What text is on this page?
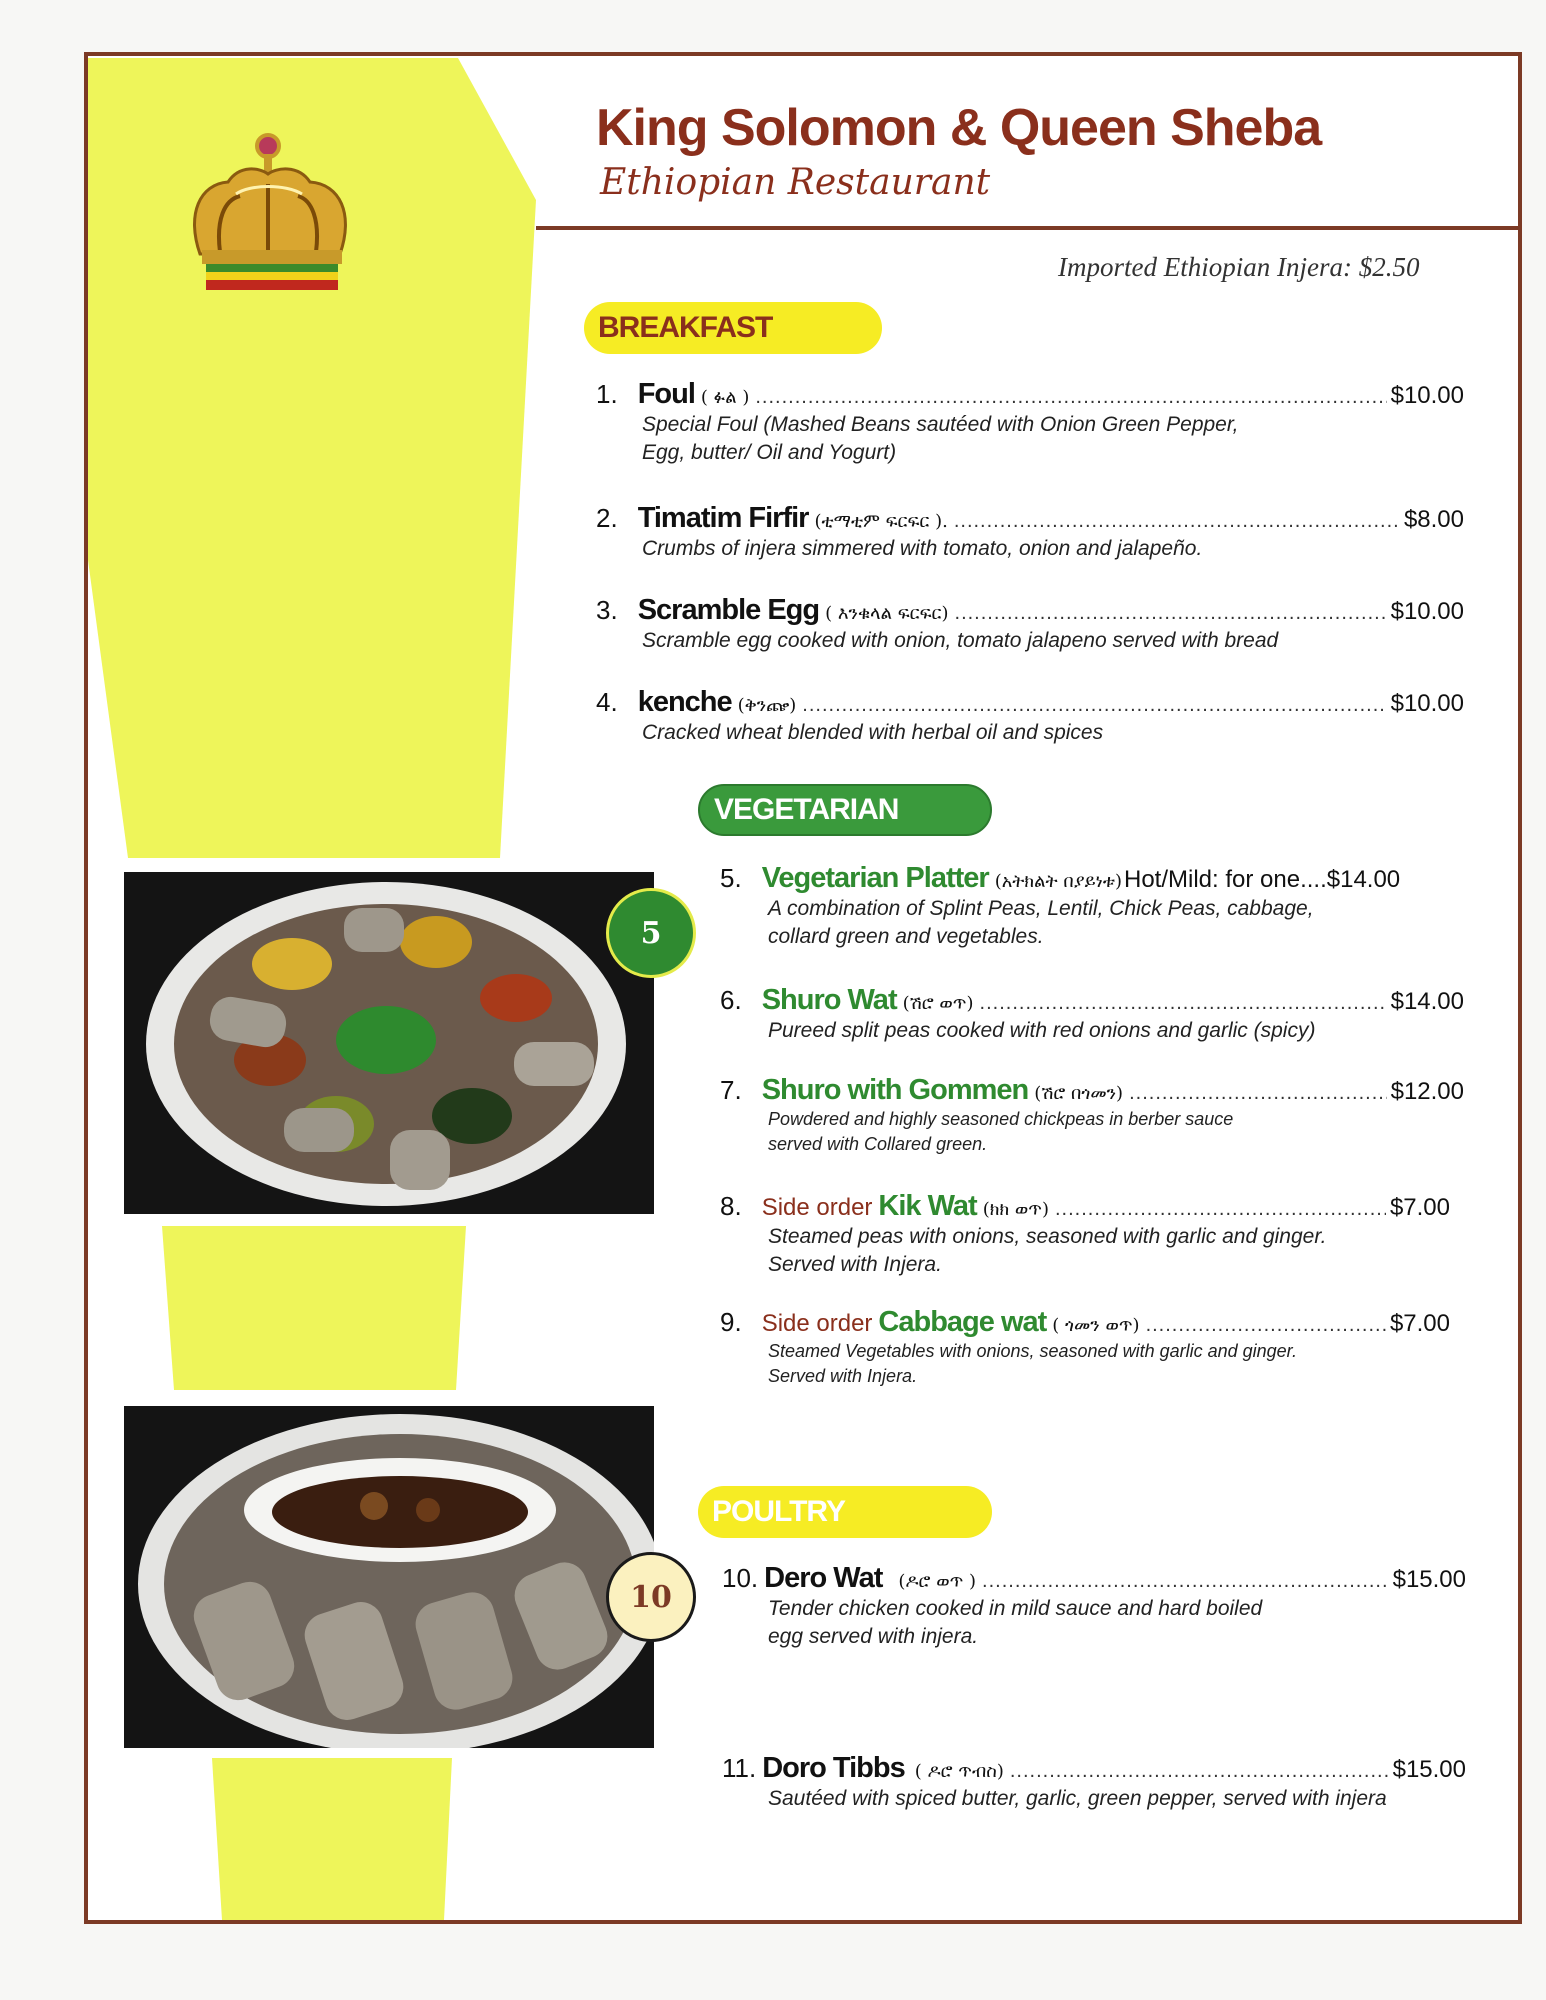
King Solomon & Queen Sheba
Ethiopian Restaurant
Imported Ethiopian Injera: $2.50
BREAKFAST
VEGETARIAN
POULTRY
5
10
1. Foul ( ፉል ) .....	$10.00
Special Foul (Mashed Beans sautéed with Onion Green Pepper,
Egg, butter/ Oil and Yogurt)
2. Timatim Firfir (ቲማቲም ፍርፍር ). .....	$8.00
Crumbs of injera simmered with tomato, onion and jalapeño.
3. Scramble Egg ( እንቁላል ፍርፍር) .....	$10.00
Scramble egg cooked with onion, tomato jalapeno served with bread
4. kenche (ቅንጬ) .....	$10.00
Cracked wheat blended with herbal oil and spices
5. Vegetarian Platter (አትክልት በያይነቱ) Hot/Mild: for one....$14.00
A combination of Splint Peas, Lentil, Chick Peas, cabbage,
collard green and vegetables.
6. Shuro Wat (ሽሮ ወጥ) .....	$14.00
Pureed split peas cooked with red onions and garlic (spicy)
7. Shuro with Gommen (ሽሮ በጎመን) .....	$12.00
Powdered and highly seasoned chickpeas in berber sauce
served with Collared green.
8. Side order Kik Wat (ክክ ወጥ) .....	$7.00
Steamed peas with onions, seasoned with garlic and ginger.
Served with Injera.
9. Side order Cabbage wat ( ጎመን ወጥ) .....	$7.00
Steamed Vegetables with onions, seasoned with garlic and ginger.
Served with Injera.
10. Dero Wat (ዶሮ ወጥ ) .....	$15.00
Tender chicken cooked in mild sauce and hard boiled
egg served with injera.
11. Doro Tibbs ( ዶሮ ጥብስ) .....	$15.00
Sautéed with spiced butter, garlic, green pepper, served with injera
